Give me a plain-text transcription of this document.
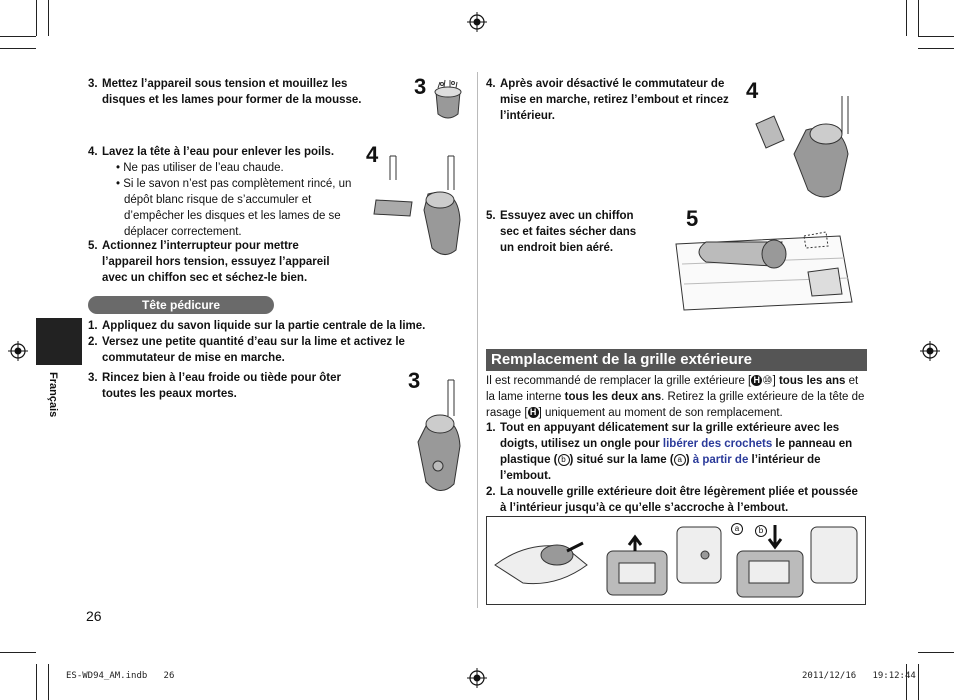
Français
3. Mettez l’appareil sous tension et mouillez les disques et les lames pour former de la mousse.
3
4. Lavez la tête à l’eau pour enlever les poils.
• Ne pas utiliser de l’eau chaude.
• Si le savon n’est pas complètement rincé, un dépôt blanc risque de s’accumuler et d’empêcher les disques et les lames de se déplacer correctement.
4
5. Actionnez l’interrupteur pour mettre l’appareil hors tension, essuyez l’appareil avec un chiffon sec et séchez-le bien.
Tête pédicure
1. Appliquez du savon liquide sur la partie centrale de la lime.
2. Versez une petite quantité d’eau sur la lime et activez le commutateur de mise en marche.
3. Rincez bien à l’eau froide ou tiède pour ôter toutes les peaux mortes.
3
26
4. Après avoir désactivé le commutateur de mise en marche, retirez l’embout et rincez l’intérieur.
4
5. Essuyez avec un chiffon sec et faites sécher dans un endroit bien aéré.
5
Remplacement de la grille extérieure
Il est recommandé de remplacer la grille extérieure [ H ⑩] tous les ans et la lame interne tous les deux ans. Retirez la grille extérieure de la tête de rasage [ H ] uniquement au moment de son remplacement.
1. Tout en appuyant délicatement sur la grille extérieure avec les doigts, utilisez un ongle pour libérer des crochets le panneau en plastique ( b ) situé sur la lame ( a ) à partir de l’intérieur de l’embout.
2. La nouvelle grille extérieure doit être légèrement pliée et poussée à l’intérieur jusqu’à ce qu’elle s’accroche à l’embout.
a	b
ES-WD94_AM.indb 26	2011/12/16 19:12:44
